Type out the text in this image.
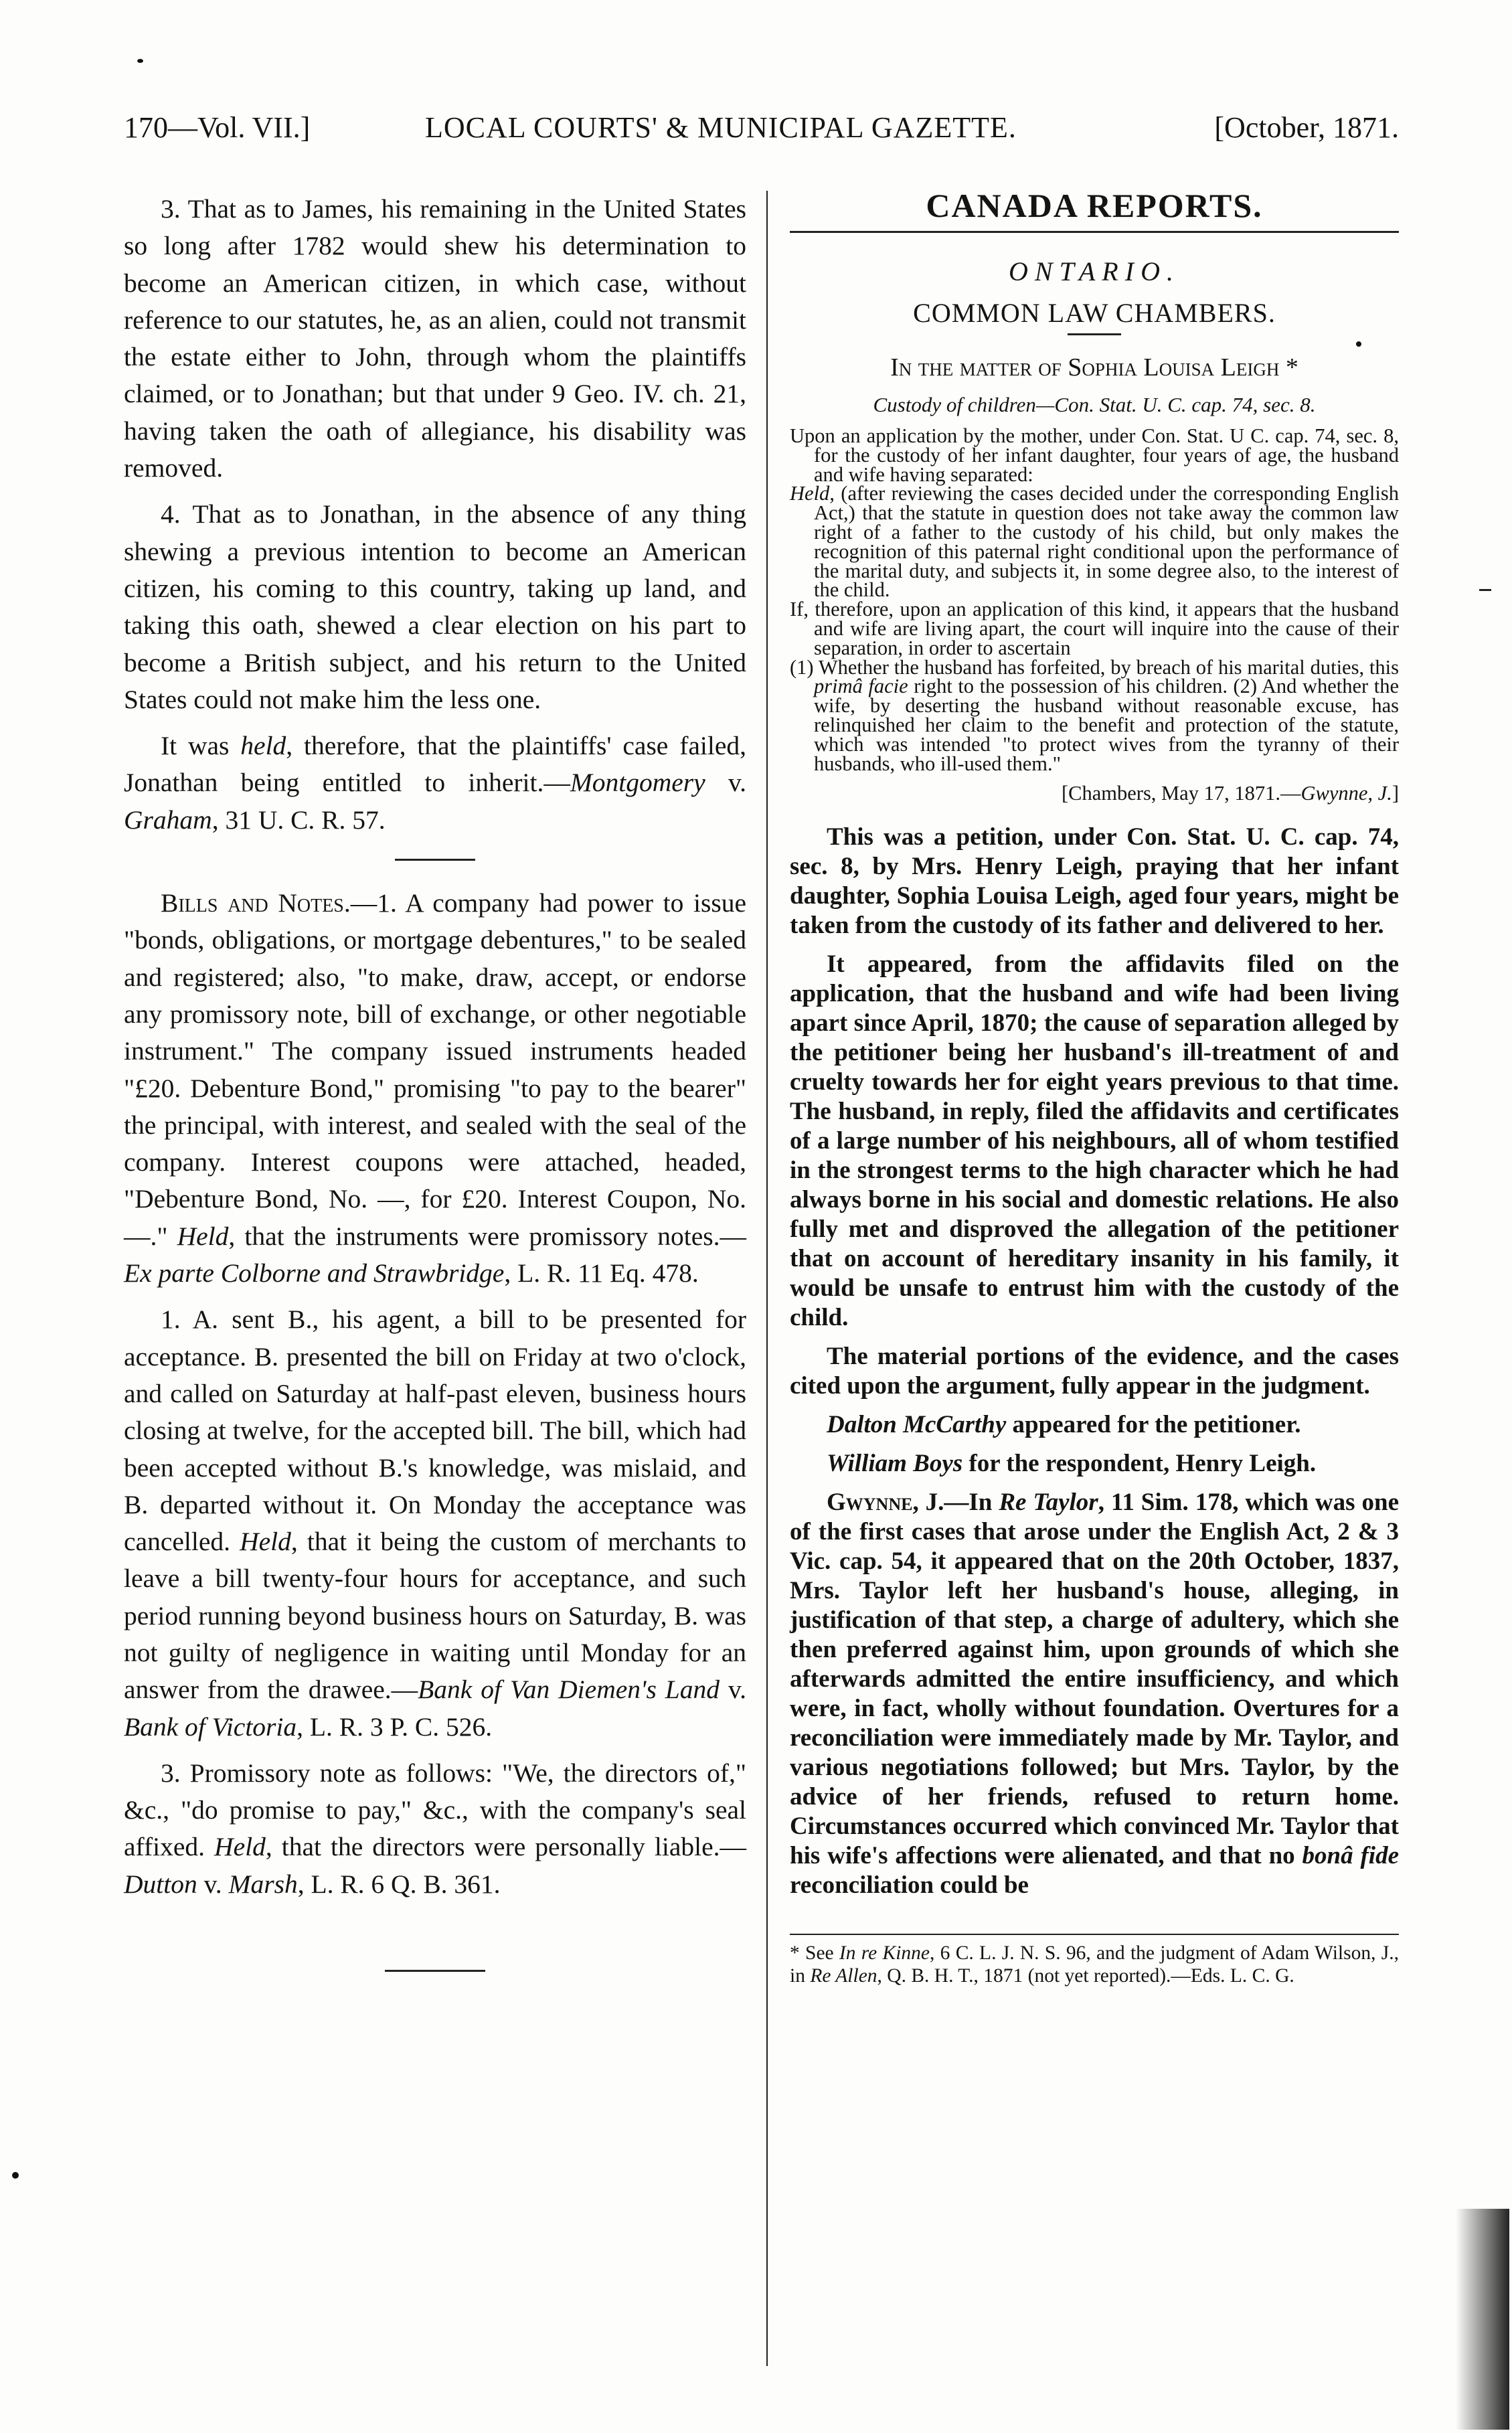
170—Vol. VII.]	LOCAL COURTS' & MUNICIPAL GAZETTE.	[October, 1871.

3. That as to James, his remaining in the United States so long after 1782 would shew his determination to become an American citizen, in which case, without reference to our statutes, he, as an alien, could not transmit the estate either to John, through whom the plaintiffs claimed, or to Jonathan; but that under 9 Geo. IV. ch. 21, having taken the oath of allegiance, his disability was removed.

4. That as to Jonathan, in the absence of any thing shewing a previous intention to become an American citizen, his coming to this country, taking up land, and taking this oath, shewed a clear election on his part to become a British subject, and his return to the United States could not make him the less one.

It was held, therefore, that the plaintiffs' case failed, Jonathan being entitled to inherit.—Montgomery v. Graham, 31 U. C. R. 57.

Bills and Notes.—1. A company had power to issue "bonds, obligations, or mortgage debentures," to be sealed and registered; also, "to make, draw, accept, or endorse any promissory note, bill of exchange, or other negotiable instrument." The company issued instruments headed "£20. Debenture Bond," promising "to pay to the bearer" the principal, with interest, and sealed with the seal of the company. Interest coupons were attached, headed, "Debenture Bond, No. —, for £20. Interest Coupon, No. —." Held, that the instruments were promissory notes.—Ex parte Colborne and Strawbridge, L. R. 11 Eq. 478.

1. A. sent B., his agent, a bill to be presented for acceptance. B. presented the bill on Friday at two o'clock, and called on Saturday at half-past eleven, business hours closing at twelve, for the accepted bill. The bill, which had been accepted without B.'s knowledge, was mislaid, and B. departed without it. On Monday the acceptance was cancelled. Held, that it being the custom of merchants to leave a bill twenty-four hours for acceptance, and such period running beyond business hours on Saturday, B. was not guilty of negligence in waiting until Monday for an answer from the drawee.—Bank of Van Diemen's Land v. Bank of Victoria, L. R. 3 P. C. 526.

3. Promissory note as follows: "We, the directors of," &c., "do promise to pay," &c., with the company's seal affixed. Held, that the directors were personally liable.—Dutton v. Marsh, L. R. 6 Q. B. 361.

CANADA REPORTS.
ONTARIO.
COMMON LAW CHAMBERS.
In the matter of Sophia Louisa Leigh *
Custody of children—Con. Stat. U. C. cap. 74, sec. 8.

Upon an application by the mother, under Con. Stat. U C. cap. 74, sec. 8, for the custody of her infant daughter, four years of age, the husband and wife having separated:

Held, (after reviewing the cases decided under the corresponding English Act,) that the statute in question does not take away the common law right of a father to the custody of his child, but only makes the recognition of this paternal right conditional upon the performance of the marital duty, and subjects it, in some degree also, to the interest of the child.

If, therefore, upon an application of this kind, it appears that the husband and wife are living apart, the court will inquire into the cause of their separation, in order to ascertain

(1) Whether the husband has forfeited, by breach of his marital duties, this primâ facie right to the possession of his children. (2) And whether the wife, by deserting the husband without reasonable excuse, has relinquished her claim to the benefit and protection of the statute, which was intended "to protect wives from the tyranny of their husbands, who ill-used them."

[Chambers, May 17, 1871.—Gwynne, J.]

This was a petition, under Con. Stat. U. C. cap. 74, sec. 8, by Mrs. Henry Leigh, praying that her infant daughter, Sophia Louisa Leigh, aged four years, might be taken from the custody of its father and delivered to her.

It appeared, from the affidavits filed on the application, that the husband and wife had been living apart since April, 1870; the cause of separation alleged by the petitioner being her husband's ill-treatment of and cruelty towards her for eight years previous to that time. The husband, in reply, filed the affidavits and certificates of a large number of his neighbours, all of whom testified in the strongest terms to the high character which he had always borne in his social and domestic relations. He also fully met and disproved the allegation of the petitioner that on account of hereditary insanity in his family, it would be unsafe to entrust him with the custody of the child.

The material portions of the evidence, and the cases cited upon the argument, fully appear in the judgment.

Dalton McCarthy appeared for the petitioner.

William Boys for the respondent, Henry Leigh.

Gwynne, J.—In Re Taylor, 11 Sim. 178, which was one of the first cases that arose under the English Act, 2 & 3 Vic. cap. 54, it appeared that on the 20th October, 1837, Mrs. Taylor left her husband's house, alleging, in justification of that step, a charge of adultery, which she then preferred against him, upon grounds of which she afterwards admitted the entire insufficiency, and which were, in fact, wholly without foundation. Overtures for a reconciliation were immediately made by Mr. Taylor, and various negotiations followed; but Mrs. Taylor, by the advice of her friends, refused to return home. Circumstances occurred which convinced Mr. Taylor that his wife's affections were alienated, and that no bonâ fide reconciliation could be

* See In re Kinne, 6 C. L. J. N. S. 96, and the judgment of Adam Wilson, J., in Re Allen, Q. B. H. T., 1871 (not yet reported).—Eds. L. C. G.
